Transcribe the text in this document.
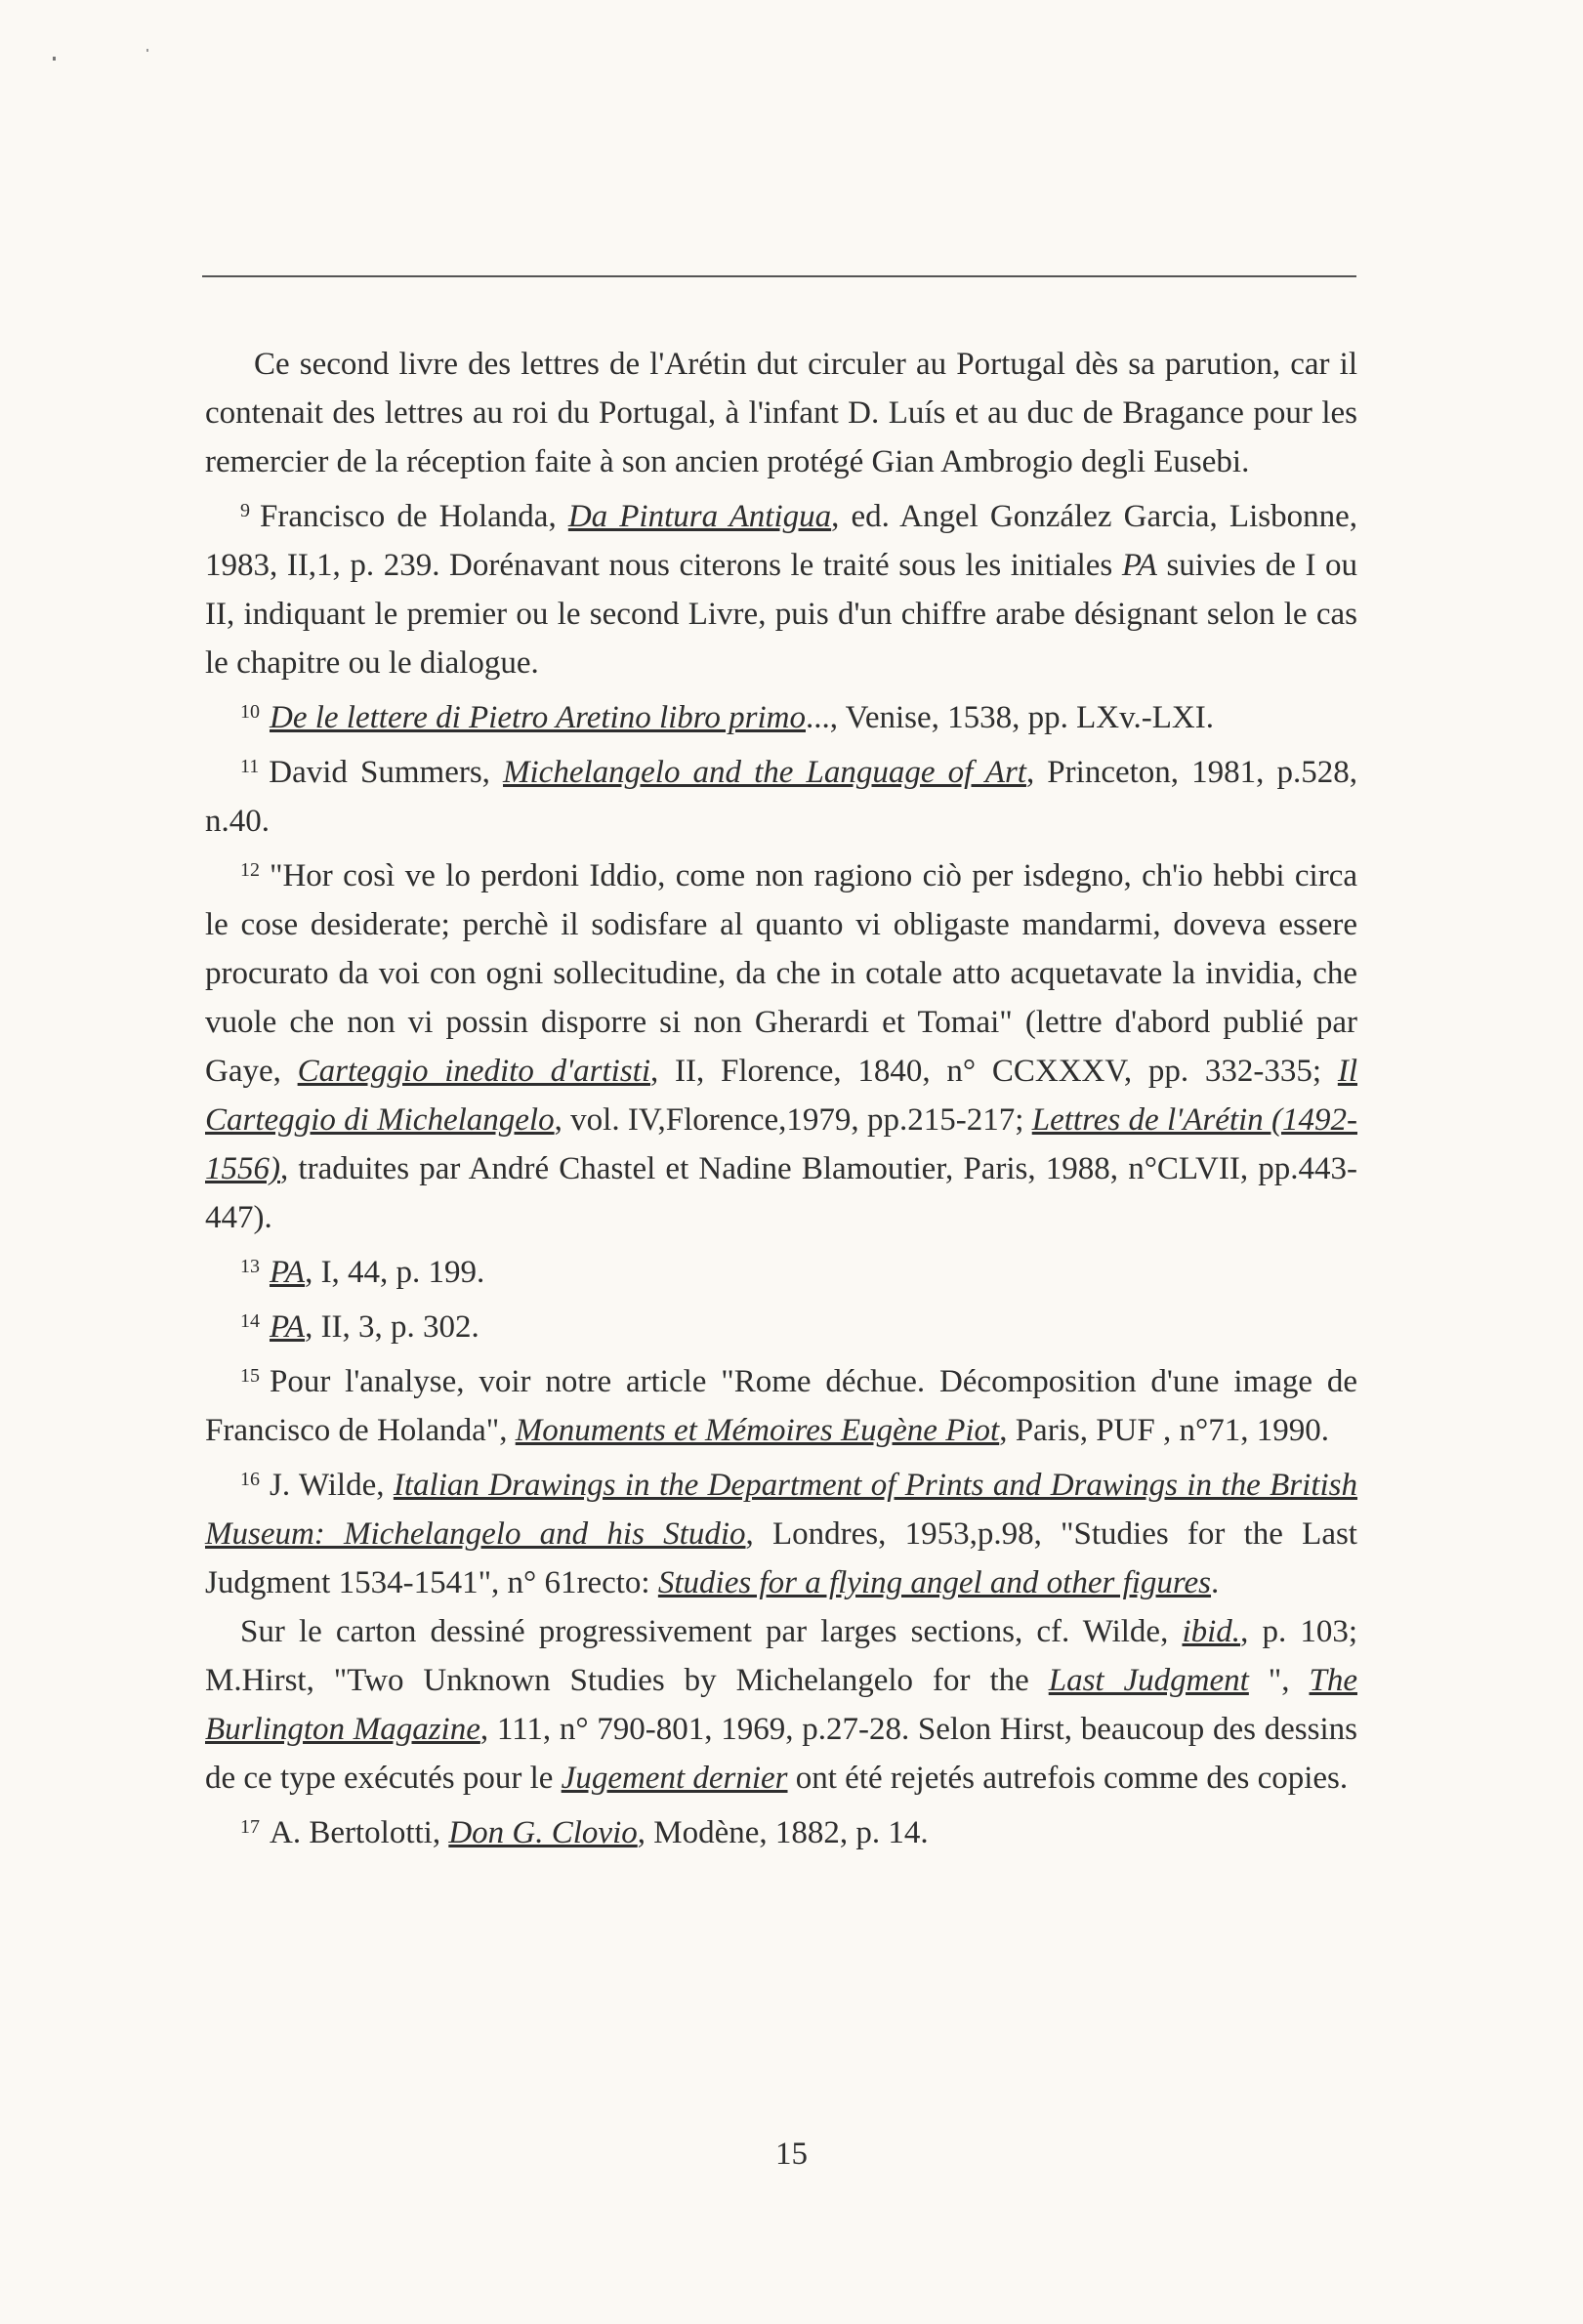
Ce second livre des lettres de l'Arétin dut circuler au Portugal dès sa parution, car il contenait des lettres au roi du Portugal, à l'infant D. Luís et au duc de Bragance pour les remercier de la réception faite à son ancien protégé Gian Ambrogio degli Eusebi.

$^9$ Francisco de Holanda, Da Pintura Antigua, ed. Angel González Garcia, Lisbonne, 1983, II,1, p. 239. Dorénavant nous citerons le traité sous les initiales PA suivies de I ou II, indiquant le premier ou le second Livre, puis d'un chiffre arabe désignant selon le cas le chapitre ou le dialogue.

$^{10}$ De le lettere di Pietro Aretino libro primo..., Venise, 1538, pp. LXv.-LXI.

$^{11}$ David Summers, Michelangelo and the Language of Art, Princeton, 1981, p.528, n.40.

$^{12}$ "Hor così ve lo perdoni Iddio, come non ragiono ciò per isdegno, ch'io hebbi circa le cose desiderate; perchè il sodisfare al quanto vi obligaste mandarmi, doveva essere procurato da voi con ogni sollecitudine, da che in cotale atto acquetavate la invidia, che vuole che non vi possin disporre si non Gherardi et Tomai" (lettre d'abord publié par Gaye, Carteggio inedito d'artisti, II, Florence, 1840, n° CCXXXV, pp. 332-335; Il Carteggio di Michelangelo, vol. IV,Florence,1979, pp.215-217; Lettres de l'Arétin (1492-1556), traduites par André Chastel et Nadine Blamoutier, Paris, 1988, n°CLVII, pp.443-447).

$^{13}$ PA, I, 44, p. 199.

$^{14}$ PA, II, 3, p. 302.

$^{15}$ Pour l'analyse, voir notre article "Rome déchue. Décomposition d'une image de Francisco de Holanda", Monuments et Mémoires Eugène Piot, Paris, PUF , n°71, 1990.

$^{16}$ J. Wilde, Italian Drawings in the Department of Prints and Drawings in the British Museum: Michelangelo and his Studio, Londres, 1953,p.98, "Studies for the Last Judgment 1534-1541", n° 61recto: Studies for a flying angel and other figures.

Sur le carton dessiné progressivement par larges sections, cf. Wilde, ibid., p. 103; M.Hirst, "Two Unknown Studies by Michelangelo for the Last Judgment ", The Burlington Magazine, 111, n° 790-801, 1969, p.27-28. Selon Hirst, beaucoup des dessins de ce type exécutés pour le Jugement dernier ont été rejetés autrefois comme des copies.

$^{17}$ A. Bertolotti, Don G. Clovio, Modène, 1882, p. 14.

15
